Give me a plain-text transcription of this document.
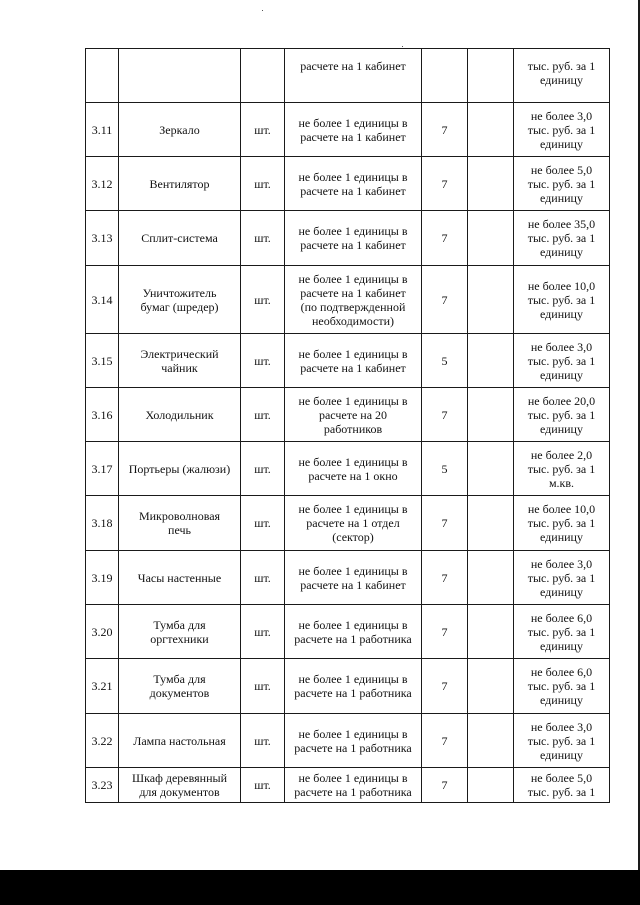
			расчете на 1 кабинет			тыс. руб. за 1
единицу
3.11	Зеркало	шт.	не более 1 единицы в
расчете на 1 кабинет	7		не более 3,0
тыс. руб. за 1
единицу
3.12	Вентилятор	шт.	не более 1 единицы в
расчете на 1 кабинет	7		не более 5,0
тыс. руб. за 1
единицу
3.13	Сплит-система	шт.	не более 1 единицы в
расчете на 1 кабинет	7		не более 35,0
тыс. руб. за 1
единицу
3.14	Уничтожитель
бумаг (шредер)	шт.	не более 1 единицы в
расчете на 1 кабинет
(по подтвержденной
необходимости)	7		не более 10,0
тыс. руб. за 1
единицу
3.15	Электрический
чайник	шт.	не более 1 единицы в
расчете на 1 кабинет	5		не более 3,0
тыс. руб. за 1
единицу
3.16	Холодильник	шт.	не более 1 единицы в
расчете на 20
работников	7		не более 20,0
тыс. руб. за 1
единицу
3.17	Портьеры (жалюзи)	шт.	не более 1 единицы в
расчете на 1 окно	5		не более 2,0
тыс. руб. за 1
м.кв.
3.18	Микроволновая
печь	шт.	не более 1 единицы в
расчете на 1 отдел
(сектор)	7		не более 10,0
тыс. руб. за 1
единицу
3.19	Часы настенные	шт.	не более 1 единицы в
расчете на 1 кабинет	7		не более 3,0
тыс. руб. за 1
единицу
3.20	Тумба для
оргтехники	шт.	не более 1 единицы в
расчете на 1 работника	7		не более 6,0
тыс. руб. за 1
единицу
3.21	Тумба для
документов	шт.	не более 1 единицы в
расчете на 1 работника	7		не более 6,0
тыс. руб. за 1
единицу
3.22	Лампа настольная	шт.	не более 1 единицы в
расчете на 1 работника	7		не более 3,0
тыс. руб. за 1
единицу
3.23	Шкаф деревянный
для документов	шт.	не более 1 единицы в
расчете на 1 работника	7		не более 5,0
тыс. руб. за 1
